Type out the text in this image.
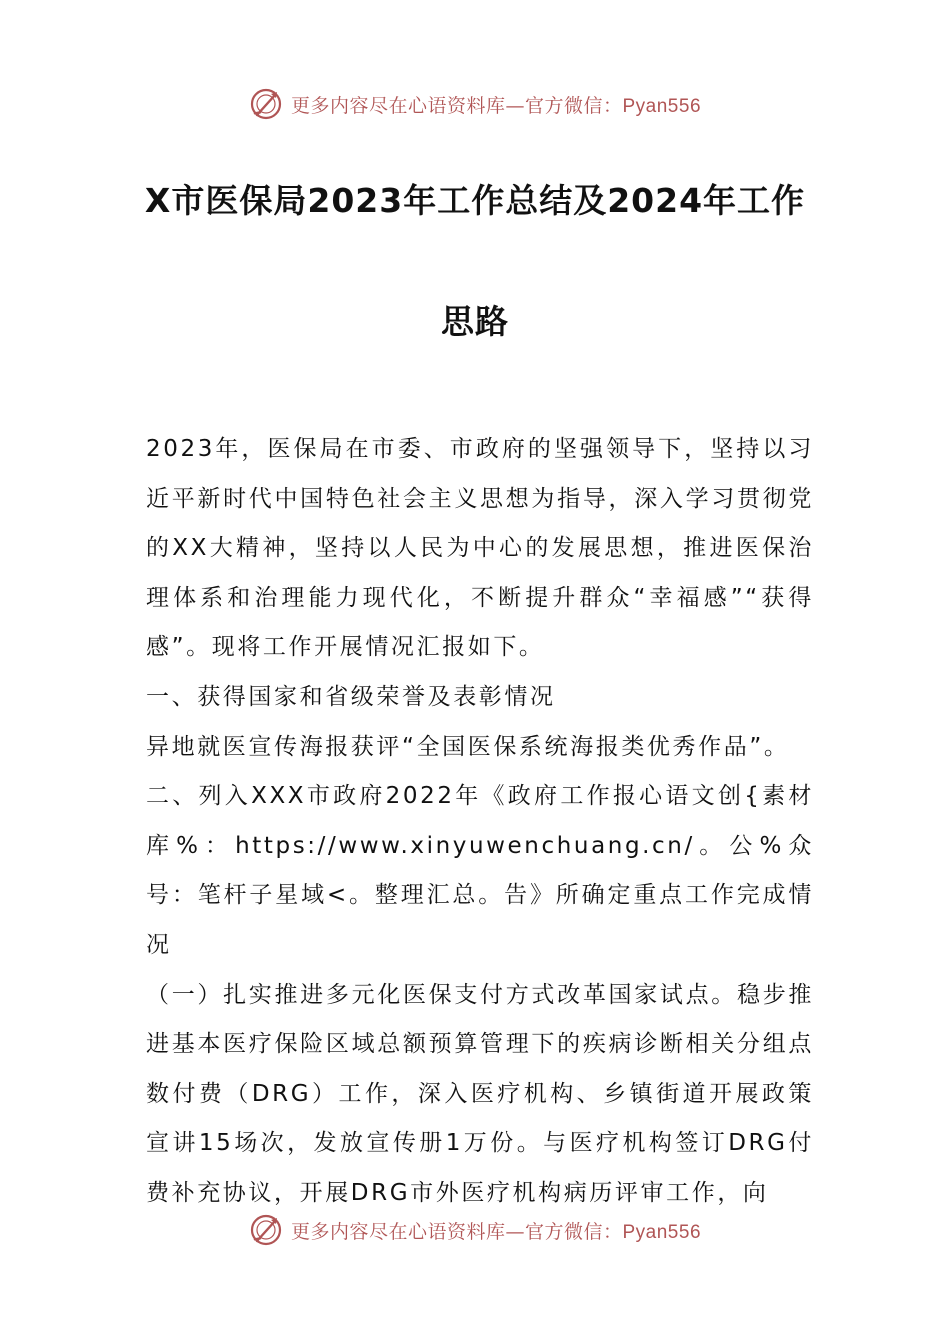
更多内容尽在心语资料库—官方微信：Pyan556
X市医保局2023年工作总结及2024年工作
思路

2023年，医保局在市委、市政府的坚强领导下，坚持以习近平新时代中国特色社会主义思想为指导，深入学习贯彻党的XX大精神，坚持以人民为中心的发展思想，推进医保治理体系和治理能力现代化，不断提升群众“幸福感”“获得感”。现将工作开展情况汇报如下。

一、获得国家和省级荣誉及表彰情况

异地就医宣传海报获评“全国医保系统海报类优秀作品”。

二、列入XXX市政府2022年《政府工作报心语文创{素材库%：https://www.xinyuwenchuang.cn/。公%众号：笔杆子星域<。整理汇总。告》所确定重点工作完成情况

（一）扎实推进多元化医保支付方式改革国家试点。稳步推进基本医疗保险区域总额预算管理下的疾病诊断相关分组点数付费（DRG）工作，深入医疗机构、乡镇街道开展政策宣讲15场次，发放宣传册1万份。与医疗机构签订DRG付费补充协议，开展DRG市外医疗机构病历评审工作，向

更多内容尽在心语资料库—官方微信：Pyan556
